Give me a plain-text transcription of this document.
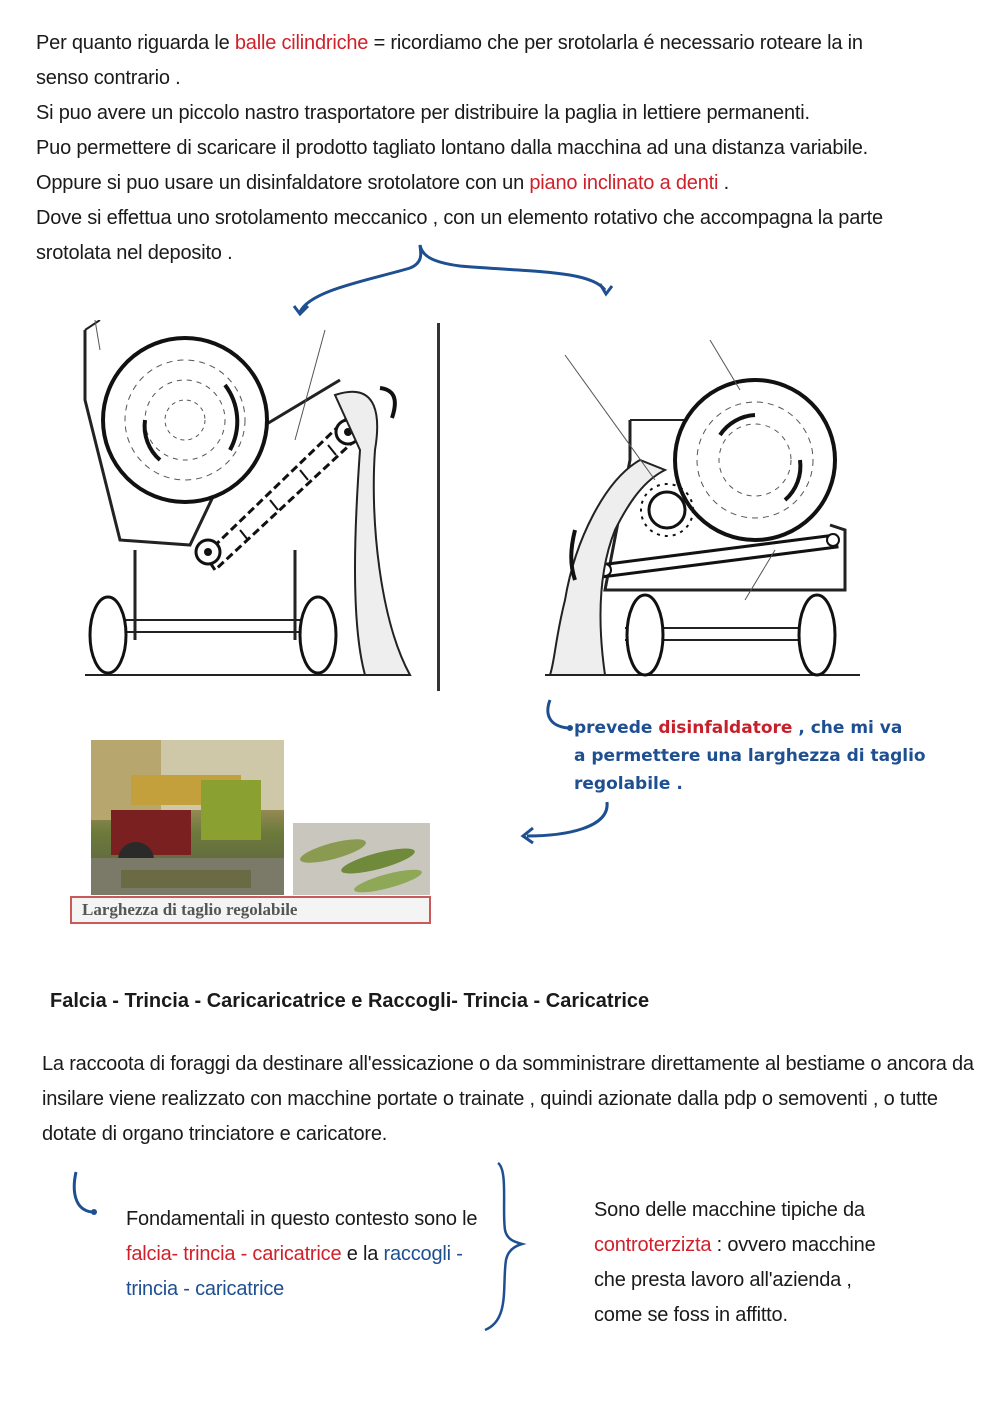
Per quanto riguarda le balle cilindriche = ricordiamo che per srotolarla é necessario roteare la in
senso contrario .
Si puo avere un piccolo nastro trasportatore per distribuire la paglia in lettiere permanenti.
Puo permettere di scaricare il prodotto tagliato lontano dalla macchina ad una distanza variabile.
Oppure si puo usare un disinfaldatore srotolatore con un piano inclinato a denti .
Dove si effettua uno srotolamento meccanico , con un elemento rotativo che accompagna la parte
srotolata nel deposito .
prevede disinfaldatore , che mi va
a permettere una larghezza di taglio
regolabile .
Larghezza di taglio regolabile
Falcia - Trincia - Caricaricatrice e Raccogli- Trincia - Caricatrice
La raccoota di foraggi da destinare all'essicazione o da somministrare direttamente al bestiame o ancora da
insilare viene realizzato con macchine portate o trainate , quindi azionate dalla pdp o semoventi , o tutte
dotate di organo trinciatore e caricatore.
Fondamentali in questo contesto sono le
falcia- trincia - caricatrice e la raccogli -
trincia - caricatrice
Sono delle macchine tipiche da
controterzizta : ovvero macchine
che presta lavoro all'azienda ,
come se foss in affitto.
